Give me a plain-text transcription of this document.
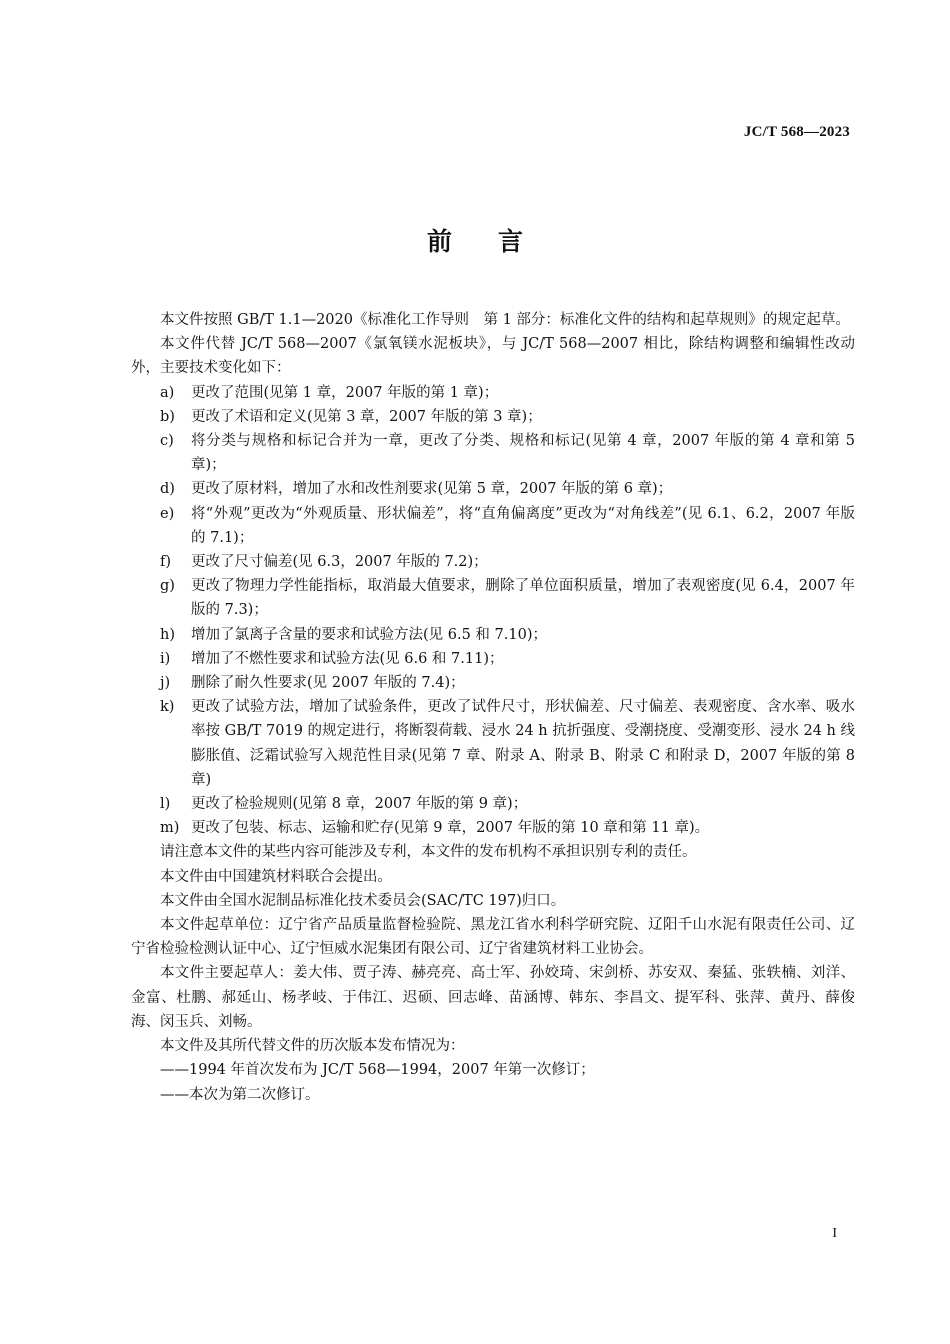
JC/T 568—2023
前言

本文件按照 GB/T 1.1—2020《标准化工作导则　第 1 部分：标准化文件的结构和起草规则》的规定起草。

本文件代替 JC/T 568—2007《氯氧镁水泥板块》，与 JC/T 568—2007 相比，除结构调整和编辑性改动外，主要技术变化如下：

a)	更改了范围(见第 1 章，2007 年版的第 1 章)；
b)	更改了术语和定义(见第 3 章，2007 年版的第 3 章)；
c)	将分类与规格和标记合并为一章，更改了分类、规格和标记(见第 4 章，2007 年版的第 4 章和第 5 章)；
d)	更改了原材料，增加了水和改性剂要求(见第 5 章，2007 年版的第 6 章)；
e)	将“外观”更改为“外观质量、形状偏差”，将“直角偏离度”更改为“对角线差”(见 6.1、6.2，2007 年版的 7.1)；
f)	更改了尺寸偏差(见 6.3，2007 年版的 7.2)；
g)	更改了物理力学性能指标，取消最大值要求，删除了单位面积质量，增加了表观密度(见 6.4，2007 年版的 7.3)；
h)	增加了氯离子含量的要求和试验方法(见 6.5 和 7.10)；
i)	增加了不燃性要求和试验方法(见 6.6 和 7.11)；
j)	删除了耐久性要求(见 2007 年版的 7.4)；
k)	更改了试验方法，增加了试验条件，更改了试件尺寸，形状偏差、尺寸偏差、表观密度、含水率、吸水率按 GB/T 7019 的规定进行，将断裂荷载、浸水 24 h 抗折强度、受潮挠度、受潮变形、浸水 24 h 线膨胀值、泛霜试验写入规范性目录(见第 7 章、附录 A、附录 B、附录 C 和附录 D，2007 年版的第 8 章)
l)	更改了检验规则(见第 8 章，2007 年版的第 9 章)；
m) 更改了包装、标志、运输和贮存(见第 9 章，2007 年版的第 10 章和第 11 章)。

请注意本文件的某些内容可能涉及专利，本文件的发布机构不承担识别专利的责任。

本文件由中国建筑材料联合会提出。

本文件由全国水泥制品标准化技术委员会(SAC/TC 197)归口。

本文件起草单位：辽宁省产品质量监督检验院、黑龙江省水利科学研究院、辽阳千山水泥有限责任公司、辽宁省检验检测认证中心、辽宁恒威水泥集团有限公司、辽宁省建筑材料工业协会。

本文件主要起草人：姜大伟、贾子涛、赫亮亮、高士军、孙姣琦、宋剑桥、苏安双、秦猛、张轶楠、刘洋、金富、杜鹏、郝延山、杨孝岐、于伟江、迟硕、回志峰、苗涵博、韩东、李昌文、提军科、张萍、黄丹、薛俊海、闵玉兵、刘畅。

本文件及其所代替文件的历次版本发布情况为：

——1994 年首次发布为 JC/T 568—1994，2007 年第一次修订；

——本次为第二次修订。

I
